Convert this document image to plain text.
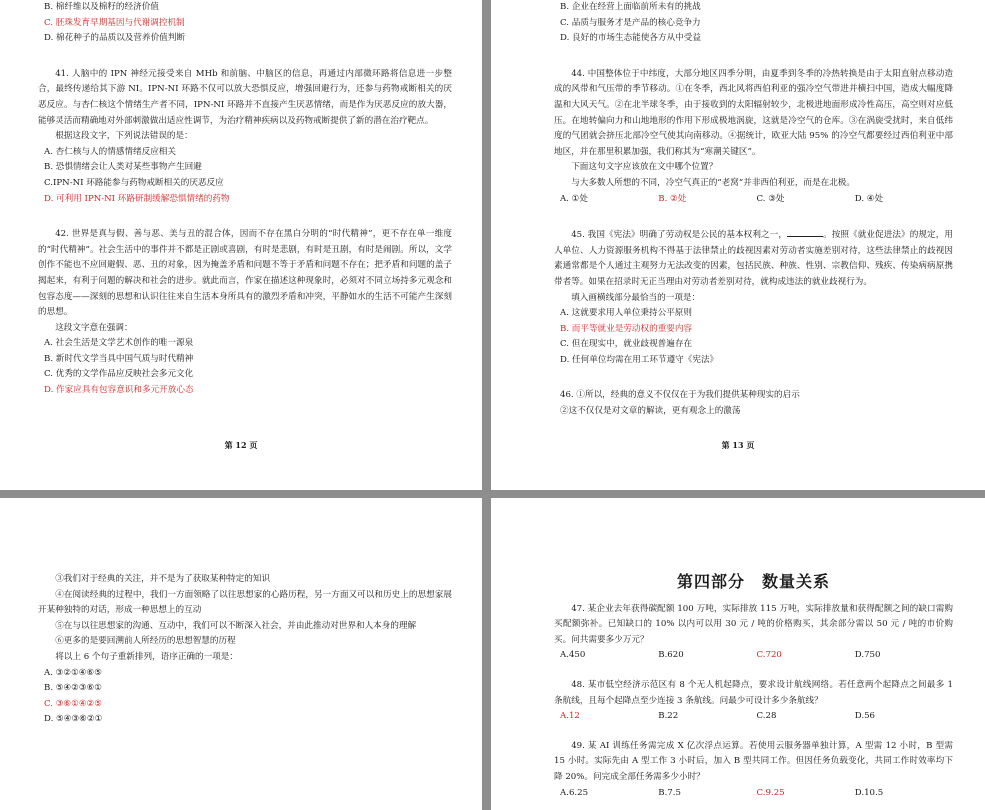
B. 棉纤维以及棉籽的经济价值

C. 胚珠发育早期基因与代谢调控机制

D. 棉花种子的品质以及营养价值判断

41. 人脑中的 IPN 神经元接受来自 MHb 和前脑、中脑区的信息，再通过内部微环路将信息进一步整合，最终传递给其下游 NI。IPN-NI 环路不仅可以放大恐惧反应，增强回避行为，还参与药物戒断相关的厌恶反应。与杏仁核这个情绪生产者不同，IPN-NI 环路并不直接产生厌恶情绪，而是作为厌恶反应的放大器，能够灵活而精确地对外部刺激做出适应性调节，为治疗精神疾病以及药物戒断提供了新的潜在治疗靶点。

根据这段文字，下列说法错误的是：

A. 杏仁核与人的情感情绪反应相关

B. 恐惧情绪会让人类对某些事物产生回避

C.IPN-NI 环路能参与药物戒断相关的厌恶反应

D. 可利用 IPN-NI 环路研制缓解恐惧情绪的药物

42. 世界是真与假、善与恶、美与丑的混合体，因而不存在黑白分明的“时代精神”，更不存在单一维度的“时代精神”。社会生活中的事件并不都是正剧或喜剧，有时是悲剧，有时是丑剧，有时是闹剧。所以，文学创作不能也不应回避假、恶、丑的对象，因为掩盖矛盾和问题不等于矛盾和问题不存在；把矛盾和问题的盖子揭起来，有利于问题的解决和社会的进步。就此而言，作家在描述这种现象时，必须对不同立场持多元观念和包容态度——深刻的思想和认识往往来自生活本身所具有的激烈矛盾和冲突，平静如水的生活不可能产生深刻的思想。

这段文字意在强调：

A. 社会生活是文学艺术创作的唯一源泉

B. 新时代文学当具中国气质与时代精神

C. 优秀的文学作品应反映社会多元文化

D. 作家应具有包容意识和多元开放心态

第 12 页

B. 企业在经营上面临前所未有的挑战

C. 品质与服务才是产品的核心竞争力

D. 良好的市场生态能使各方从中受益

44. 中国整体位于中纬度，大部分地区四季分明，由夏季到冬季的冷热转换是由于太阳直射点移动造成的风带和气压带的季节移动。①在冬季，西北风将西伯利亚的强冷空气带进并横扫中国，造成大幅度降温和大风天气。②在北半球冬季，由于接收到的太阳辐射较少，北极进地面形成冷性高压，高空则对应低压。在地转偏向力和山地地形的作用下形成极地涡旋，这就是冷空气的仓库。③在涡旋受扰时，来自低纬度的气团就会挤压北部冷空气使其向南移动。④据统计，欧亚大陆 95% 的冷空气都要经过西伯利亚中部地区，并在那里积累加强，我们称其为“寒潮关键区”。

下面这句文字应该放在文中哪个位置？

与大多数人所想的不同，冷空气真正的“老窝”并非西伯利亚，而是在北极。

A. ①处	B. ②处	C. ③处	D. ④处

45. 我国《宪法》明确了劳动权是公民的基本权利之一，	。按照《就业促进法》的规定，用人单位、人力资源服务机构不得基于法律禁止的歧视因素对劳动者实施差别对待，这些法律禁止的歧视因素通常都是个人通过主观努力无法改变的因素，包括民族、种族、性别、宗教信仰、残疾、传染病病原携带者等。如果在招录时无正当理由对劳动者差别对待，就构成违法的就业歧视行为。

填入画横线部分最恰当的一项是：

A. 这就要求用人单位秉持公平原则

B. 而平等就业是劳动权的重要内容

C. 但在现实中，就业歧视普遍存在

D. 任何单位均需在用工环节遵守《宪法》

46. ①所以，经典的意义不仅仅在于为我们提供某种现实的启示

②这不仅仅是对文章的解读，更有观念上的激荡

第 13 页

③我们对于经典的关注，并不是为了获取某种特定的知识

④在阅读经典的过程中，我们一方面领略了以往思想家的心路历程，另一方面又可以和历史上的思想家展开某种独特的对话，形成一种思想上的互动

⑤在与以往思想家的沟通、互动中，我们可以不断深入社会，并由此推动对世界和人本身的理解

⑥更多的是要回溯前人所经历的思想智慧的历程

将以上 6 个句子重新排列，语序正确的一项是：

A. ③②①④⑥⑤

B. ⑤④②③⑥①

C. ③⑥①④②⑤

D. ⑤④③⑥②①

第四部分　数量关系

47. 某企业去年获得碳配额 100 万吨，实际排放 115 万吨，实际排放量和获得配额之间的缺口需购买配额弥补。已知缺口的 10% 以内可以用 30 元 / 吨的价格购买，其余部分需以 50 元 / 吨的市价购买。问共需要多少万元？

A.450	B.620	C.720	D.750

48. 某市低空经济示范区有 8 个无人机起降点，要求设计航线网络。若任意两个起降点之间最多 1 条航线，且每个起降点至少连接 3 条航线。问最少可设计多少条航线？

A.12	B.22	C.28	D.56

49. 某 AI 训练任务需完成 X 亿次浮点运算。若使用云服务器单独计算，A 型需 12 小时，B 型需 15 小时。实际先由 A 型工作 3 小时后，加入 B 型共同工作。但因任务负载变化，共同工作时效率均下降 20%。问完成全部任务需多少小时？

A.6.25	B.7.5	C.9.25	D.10.5
